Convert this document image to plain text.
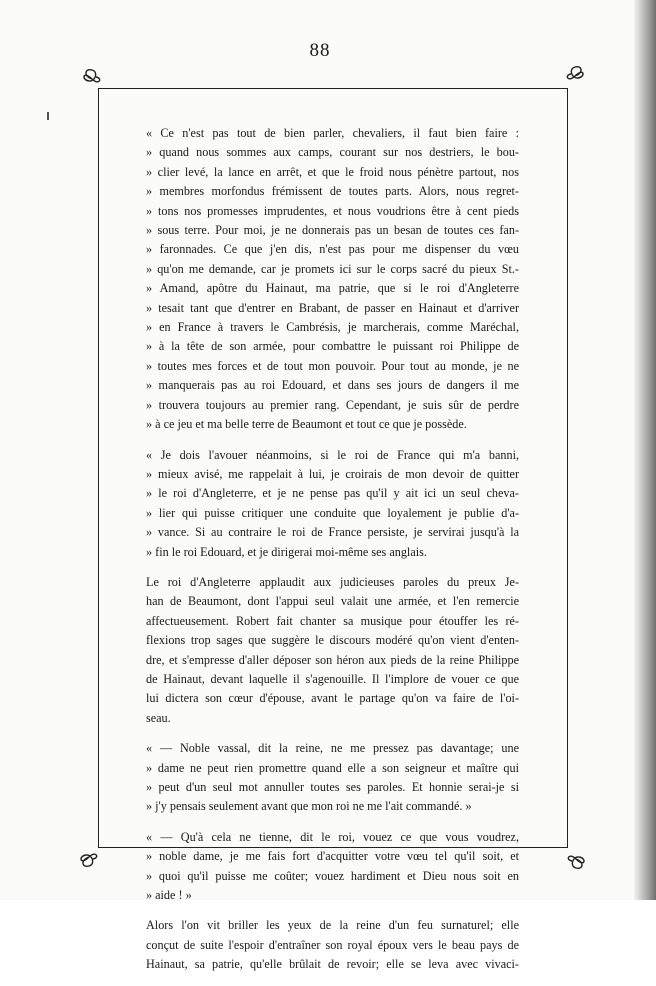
88

« Ce n'est pas tout de bien parler, chevaliers, il faut bien faire :
» quand nous sommes aux camps, courant sur nos destriers, le bou-
» clier levé, la lance en arrêt, et que le froid nous pénètre partout, nos
» membres morfondus frémissent de toutes parts. Alors, nous regret-
» tons nos promesses imprudentes, et nous voudrions être à cent pieds
» sous terre. Pour moi, je ne donnerais pas un besan de toutes ces fan-
» faronnades. Ce que j'en dis, n'est pas pour me dispenser du vœu
» qu'on me demande, car je promets ici sur le corps sacré du pieux St.-
» Amand, apôtre du Hainaut, ma patrie, que si le roi d'Angleterre
» tesait tant que d'entrer en Brabant, de passer en Hainaut et d'arriver
» en France à travers le Cambrésis, je marcherais, comme Maréchal,
» à la tête de son armée, pour combattre le puissant roi Philippe de
» toutes mes forces et de tout mon pouvoir. Pour tout au monde, je ne
» manquerais pas au roi Edouard, et dans ses jours de dangers il me
» trouvera toujours au premier rang. Cependant, je suis sûr de perdre
» à ce jeu et ma belle terre de Beaumont et tout ce que je possède.

« Je dois l'avouer néanmoins, si le roi de France qui m'a banni,
» mieux avisé, me rappelait à lui, je croirais de mon devoir de quitter
» le roi d'Angleterre, et je ne pense pas qu'il y ait ici un seul cheva-
» lier qui puisse critiquer une conduite que loyalement je publie d'a-
» vance. Si au contraire le roi de France persiste, je servirai jusqu'à la
» fin le roi Edouard, et je dirigerai moi-même ses anglais.

Le roi d'Angleterre applaudit aux judicieuses paroles du preux Je-
han de Beaumont, dont l'appui seul valait une armée, et l'en remercie
affectueusement. Robert fait chanter sa musique pour étouffer les ré-
flexions trop sages que suggère le discours modéré qu'on vient d'enten-
dre, et s'empresse d'aller déposer son héron aux pieds de la reine Philippe
de Hainaut, devant laquelle il s'agenouille. Il l'implore de vouer ce que
lui dictera son cœur d'épouse, avant le partage qu'on va faire de l'oi-
seau.

« — Noble vassal, dit la reine, ne me pressez pas davantage; une
» dame ne peut rien promettre quand elle a son seigneur et maître qui
» peut d'un seul mot annuller toutes ses paroles. Et honnie serai-je si
» j'y pensais seulement avant que mon roi ne me l'ait commandé. »

« — Qu'à cela ne tienne, dit le roi, vouez ce que vous voudrez,
» noble dame, je me fais fort d'acquitter votre vœu tel qu'il soit, et
» quoi qu'il puisse me coûter; vouez hardiment et Dieu nous soit en
» aide ! »

Alors l'on vit briller les yeux de la reine d'un feu surnaturel; elle
conçut de suite l'espoir d'entraîner son royal époux vers le beau pays de
Hainaut, sa patrie, qu'elle brûlait de revoir; elle se leva avec vivaci-
